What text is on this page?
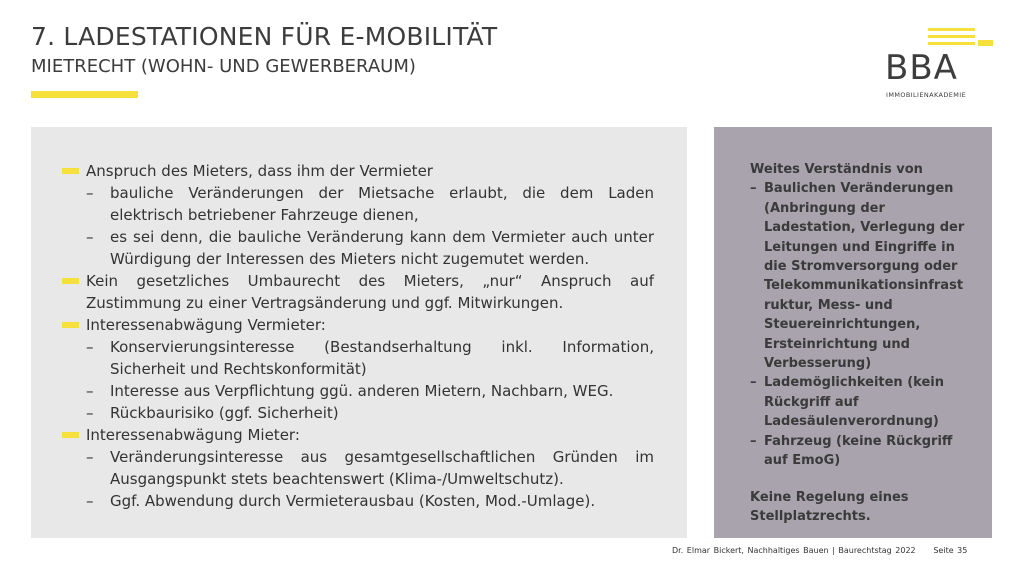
7. LADESTATIONEN FÜR E-MOBILITÄT
MIETRECHT (WOHN- UND GEWERBERAUM)	BBA
IMMOBILIENAKADEMIE
Anspruch des Mieters, dass ihm der Vermieter
– bauliche Veränderungen der Mietsache erlaubt, die dem Laden elektrisch betriebener Fahrzeuge dienen,
– es sei denn, die bauliche Veränderung kann dem Vermieter auch unter Würdigung der Interessen des Mieters nicht zugemutet werden.
Kein gesetzliches Umbaurecht des Mieters, „nur“ Anspruch auf Zustimmung zu einer Vertragsänderung und ggf. Mitwirkungen.
Interessenabwägung Vermieter:
– Konservierungsinteresse (Bestandserhaltung inkl. Information, Sicherheit und Rechtskonformität)
– Interesse aus Verpflichtung ggü. anderen Mietern, Nachbarn, WEG.
– Rückbaurisiko (ggf. Sicherheit)
Interessenabwägung Mieter:
– Veränderungsinteresse aus gesamtgesellschaftlichen Gründen im Ausgangspunkt stets beachtenswert (Klima-/Umweltschutz).
– Ggf. Abwendung durch Vermieterausbau (Kosten, Mod.-Umlage).
Weites Verständnis von
– Baulichen Veränderungen (Anbringung der Ladestation, Verlegung der Leitungen und Eingriffe in die Stromversorgung oder Telekommunikationsinfrast ruktur, Mess- und Steuereinrichtungen, Ersteinrichtung und Verbesserung)
– Lademöglichkeiten (kein Rückgriff auf Ladesäulenverordnung)
– Fahrzeug (keine Rückgriff auf EmoG)
Keine Regelung eines Stellplatzrechts.
Dr. Elmar Bickert, Nachhaltiges Bauen | Baurechtstag 2022     Seite 35
